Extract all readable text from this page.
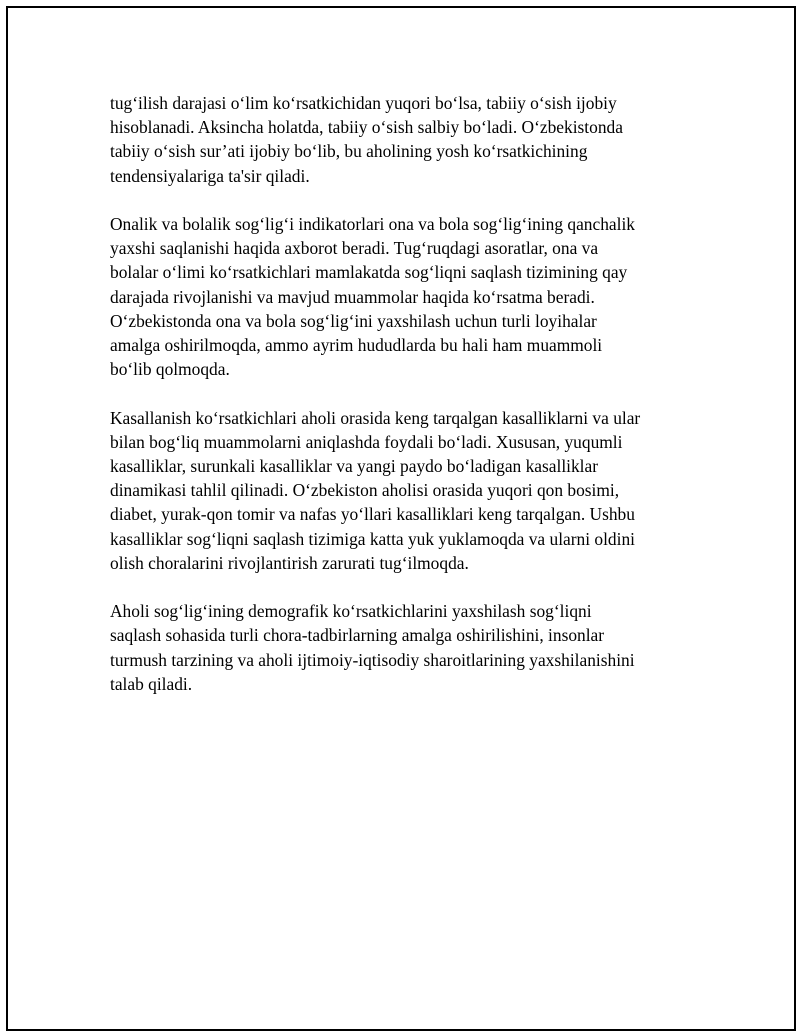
tug‘ilish darajasi o‘lim ko‘rsatkichidan yuqori bo‘lsa, tabiiy o‘sish ijobiy
hisoblanadi. Aksincha holatda, tabiiy o‘sish salbiy bo‘ladi. O‘zbekistonda
tabiiy o‘sish sur’ati ijobiy bo‘lib, bu aholining yosh ko‘rsatkichining
tendensiyalariga ta'sir qiladi.

Onalik va bolalik sog‘lig‘i indikatorlari ona va bola sog‘lig‘ining qanchalik
yaxshi saqlanishi haqida axborot beradi. Tug‘ruqdagi asoratlar, ona va
bolalar o‘limi ko‘rsatkichlari mamlakatda sog‘liqni saqlash tizimining qay
darajada rivojlanishi va mavjud muammolar haqida ko‘rsatma beradi.
O‘zbekistonda ona va bola sog‘lig‘ini yaxshilash uchun turli loyihalar
amalga oshirilmoqda, ammo ayrim hududlarda bu hali ham muammoli
bo‘lib qolmoqda.

Kasallanish ko‘rsatkichlari aholi orasida keng tarqalgan kasalliklarni va ular
bilan bog‘liq muammolarni aniqlashda foydali bo‘ladi. Xususan, yuqumli
kasalliklar, surunkali kasalliklar va yangi paydo bo‘ladigan kasalliklar
dinamikasi tahlil qilinadi. O‘zbekiston aholisi orasida yuqori qon bosimi,
diabet, yurak-qon tomir va nafas yo‘llari kasalliklari keng tarqalgan. Ushbu
kasalliklar sog‘liqni saqlash tizimiga katta yuk yuklamoqda va ularni oldini
olish choralarini rivojlantirish zarurati tug‘ilmoqda.

Aholi sog‘lig‘ining demografik ko‘rsatkichlarini yaxshilash sog‘liqni
saqlash sohasida turli chora-tadbirlarning amalga oshirilishini, insonlar
turmush tarzining va aholi ijtimoiy-iqtisodiy sharoitlarining yaxshilanishini
talab qiladi.
